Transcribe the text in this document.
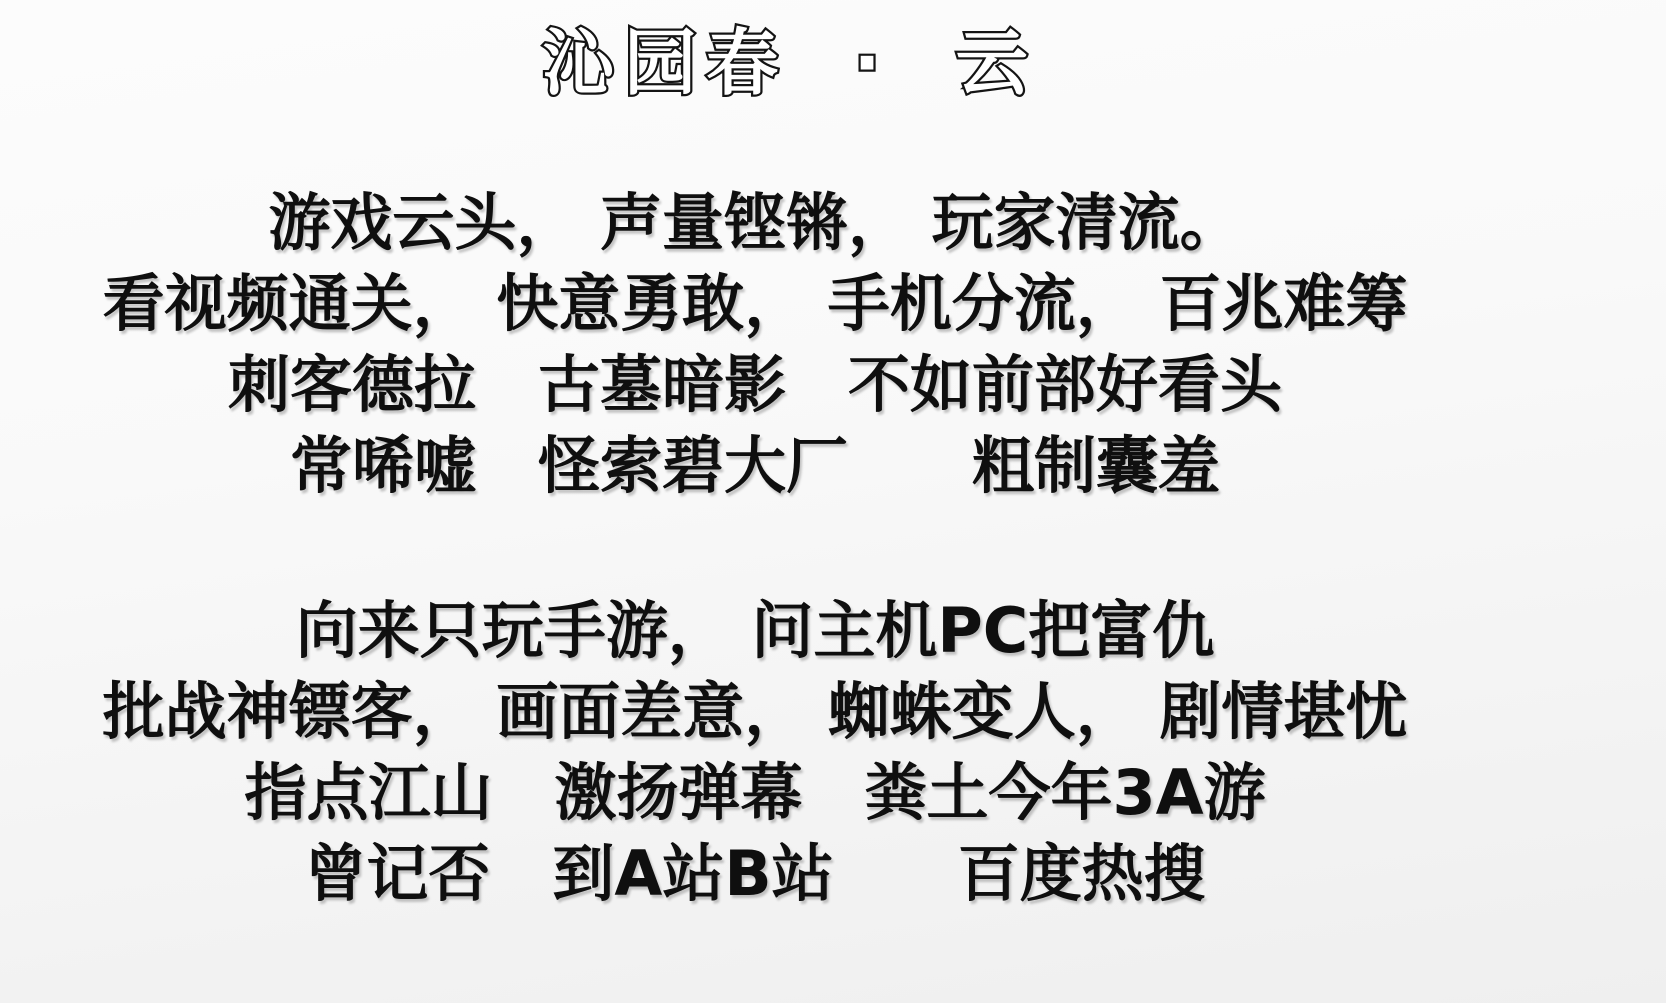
沁园春 · 云

游戏云头， 声量铿锵， 玩家清流。

看视频通关， 快意勇敢， 手机分流， 百兆难筹

刺客德拉　古墓暗影　不如前部好看头

常唏嘘　怪索碧大厂　　粗制囊羞

向来只玩手游， 问主机PC把富仇

批战神镖客， 画面差意， 蜘蛛变人， 剧情堪忧

指点江山　激扬弹幕　粪土今年3A游

曾记否　到A站B站　　百度热搜
